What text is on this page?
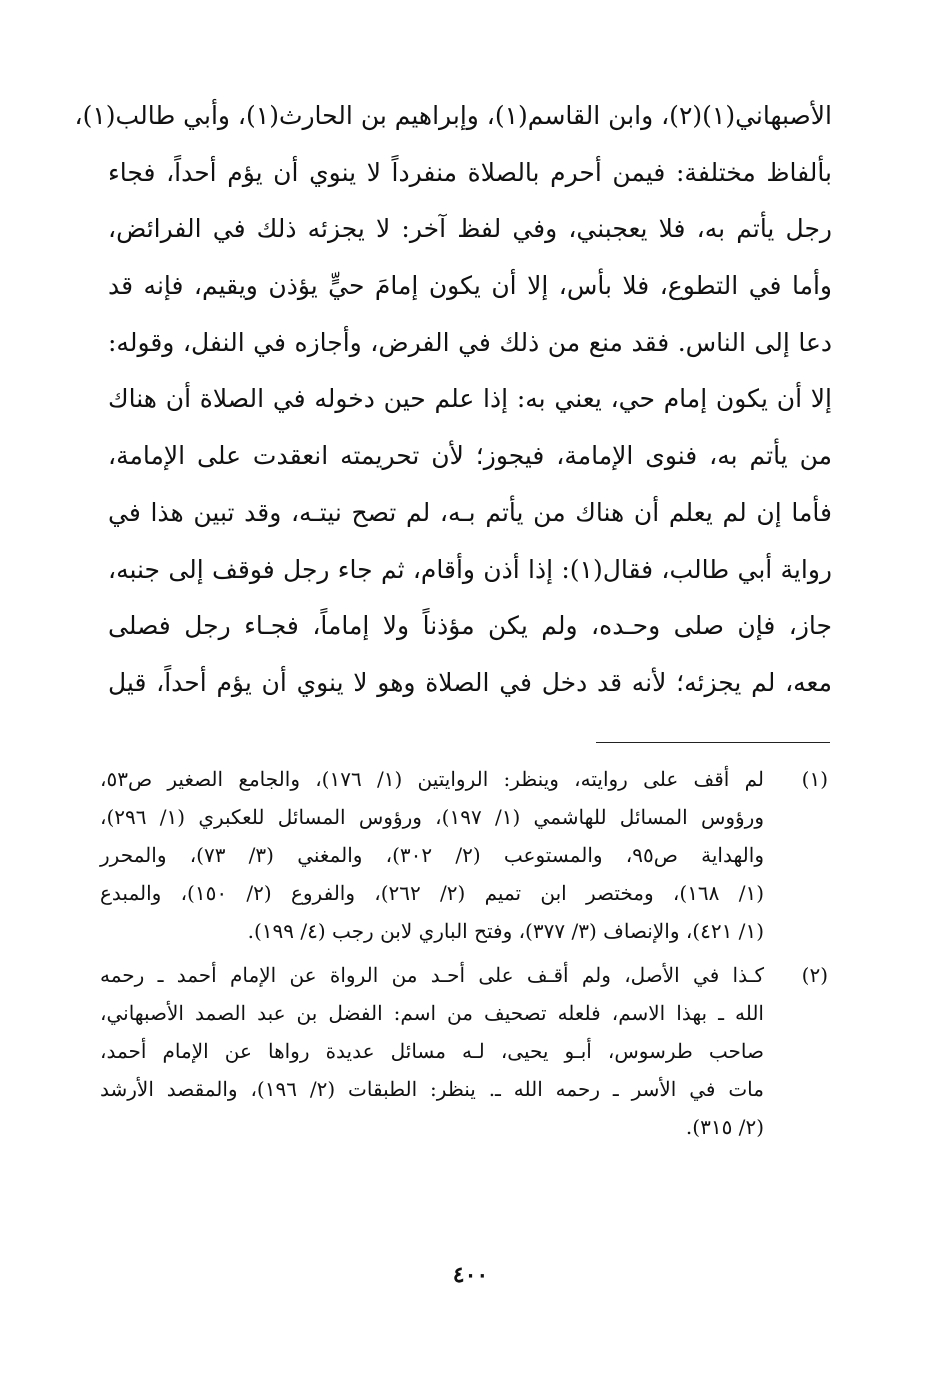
الأصبهاني(١)(٢)، وابن القاسم(١)، وإبراهيم بن الحارث(١)، وأبي طالب(١)،
بألفاظ مختلفة: فيمن أحرم بالصلاة منفرداً لا ينوي أن يؤم أحداً، فجاء
رجل يأتم به، فلا يعجبني، وفي لفظ آخر: لا يجزئه ذلك في الفرائض،
وأما في التطوع، فلا بأس، إلا أن يكون إمامَ حيٍّ يؤذن ويقيم، فإنه قد
دعا إلى الناس. فقد منع من ذلك في الفرض، وأجازه في النفل، وقوله:
إلا أن يكون إمام حي، يعني به: إذا علم حين دخوله في الصلاة أن هناك
من يأتم به، فنوى الإمامة، فيجوز؛ لأن تحريمته انعقدت على الإمامة،
فأما إن لم يعلم أن هناك من يأتم بـه، لم تصح نيتـه، وقد تبين هذا في
رواية أبي طالب، فقال(١): إذا أذن وأقام، ثم جاء رجل فوقف إلى جنبه،
جاز، فإن صلى وحـده، ولم يكن مؤذناً ولا إماماً، فجـاء رجل فصلى
معه، لم يجزئه؛ لأنه قد دخل في الصلاة وهو لا ينوي أن يؤم أحداً، قيل
(١)
لم أقف على روايته، وينظر: الروايتين (١/ ١٧٦)، والجامع الصغير ص٥٣،
ورؤوس المسائل للهاشمي (١/ ١٩٧)، ورؤوس المسائل للعكبري (١/ ٢٩٦)،
والهداية ص٩٥، والمستوعب (٢/ ٣٠٢)، والمغني (٣/ ٧٣)، والمحرر
(١/ ١٦٨)، ومختصر ابن تميم (٢/ ٢٦٢)، والفروع (٢/ ١٥٠)، والمبدع
(١/ ٤٢١)، والإنصاف (٣/ ٣٧٧)، وفتح الباري لابن رجب (٤/ ١٩٩).
(٢)
كـذا في الأصل، ولم أقـف على أحـد من الرواة عن الإمام أحمد ـ رحمه
الله ـ بهذا الاسم، فلعله تصحيف من اسم: الفضل بن عبد الصمد الأصبهاني،
صاحب طرسوس، أبـو يحيى، لـه مسائل عديدة رواها عن الإمام أحمد،
مات في الأسر ـ رحمه الله ـ. ينظر: الطبقات (٢/ ١٩٦)، والمقصد الأرشد
(٢/ ٣١٥).
٤٠٠
